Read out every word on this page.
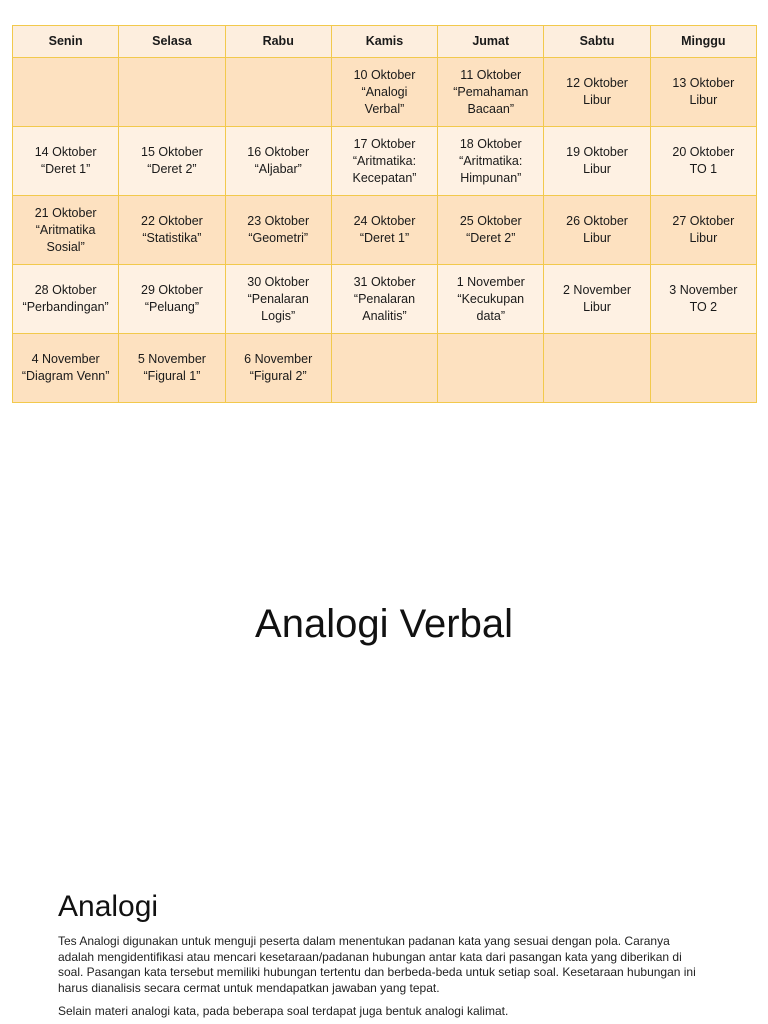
Senin	Selasa	Rabu	Kamis	Jumat	Sabtu	Minggu
			10 Oktober
“Analogi
Verbal”	11 Oktober
“Pemahaman
Bacaan”	12 Oktober
Libur	13 Oktober
Libur
14 Oktober
“Deret 1”	15 Oktober
“Deret 2”	16 Oktober
“Aljabar”	17 Oktober
“Aritmatika:
Kecepatan”	18 Oktober
“Aritmatika:
Himpunan”	19 Oktober
Libur	20 Oktober
TO 1
21 Oktober
“Aritmatika
Sosial”	22 Oktober
“Statistika”	23 Oktober
“Geometri”	24 Oktober
“Deret 1”	25 Oktober
“Deret 2”	26 Oktober
Libur	27 Oktober
Libur
28 Oktober
“Perbandingan”	29 Oktober
“Peluang”	30 Oktober
“Penalaran
Logis”	31 Oktober
“Penalaran
Analitis”	1 November
“Kecukupan
data”	2 November
Libur	3 November
TO 2
4 November
“Diagram Venn”	5 November
“Figural 1”	6 November
“Figural 2”				
Analogi Verbal
Analogi

Tes Analogi digunakan untuk menguji peserta dalam menentukan padanan kata yang sesuai dengan pola. Caranya adalah mengidentifikasi atau mencari kesetaraan/padanan hubungan antar kata dari pasangan kata yang diberikan di soal. Pasangan kata tersebut memiliki hubungan tertentu dan berbeda-beda untuk setiap soal. Kesetaraan hubungan ini harus dianalisis secara cermat untuk mendapatkan jawaban yang tepat.

Selain materi analogi kata, pada beberapa soal terdapat juga bentuk analogi kalimat.
